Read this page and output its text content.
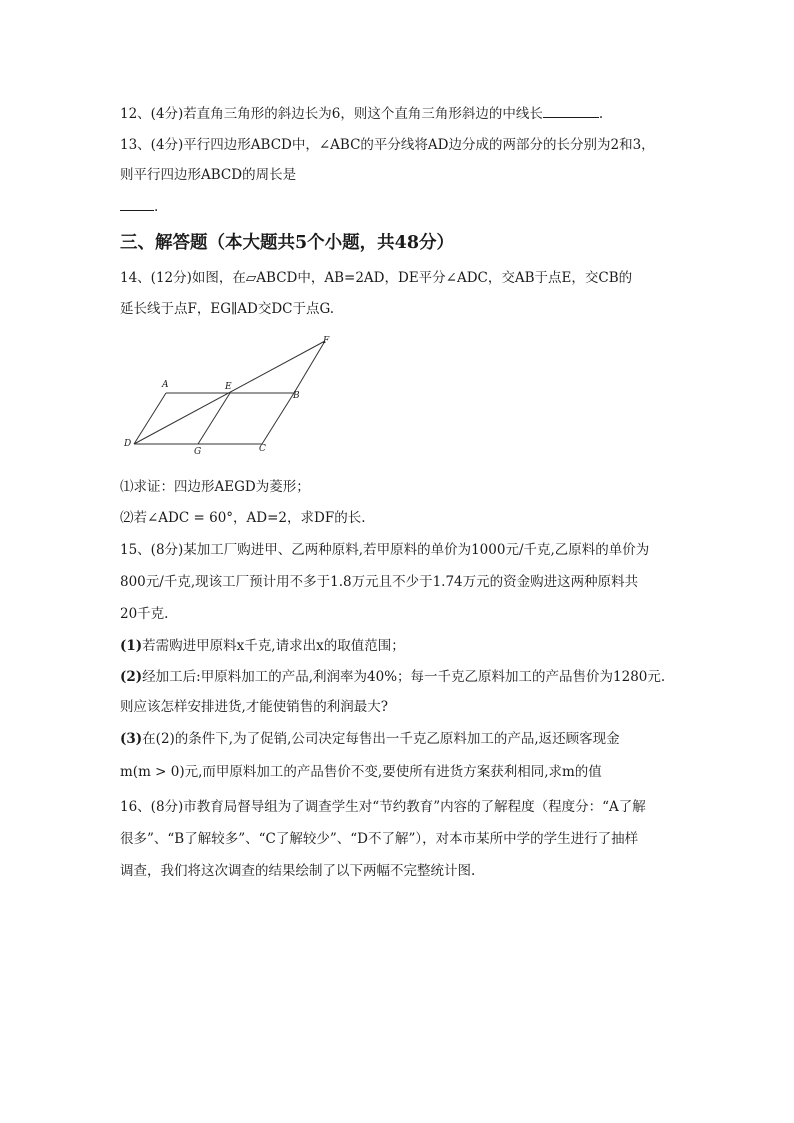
12、(4分)若直角三角形的斜边长为6，则这个直角三角形斜边的中线长	.
13、(4分)平行四边形ABCD中，∠ABC的平分线将AD边分成的两部分的长分别为2和3，
则平行四边形ABCD的周长是
.
三、解答题（本大题共5个小题，共48分）
14、(12分)如图，在▱ABCD中，AB=2AD，DE平分∠ADC，交AB于点E，交CB的
延长线于点F，EG∥AD交DC于点G.
A	E
B
F
D
G	C
⑴求证：四边形AEGD为菱形；
⑵若∠ADC = 60°，AD=2，求DF的长.
15、(8分)某加工厂购进甲、乙两种原料,若甲原料的单价为1000元/千克,乙原料的单价为
800元/千克,现该工厂预计用不多于1.8万元且不少于1.74万元的资金购进这两种原料共
20千克.
(1)若需购进甲原料x千克,请求出x的取值范围；
(2)经加工后:甲原料加工的产品,利润率为40%；每一千克乙原料加工的产品售价为1280元.
则应该怎样安排进货,才能使销售的利润最大?
(3)在(2)的条件下,为了促销,公司决定每售出一千克乙原料加工的产品,返还顾客现金
m(m > 0)元,而甲原料加工的产品售价不变,要使所有进货方案获利相同,求m的值
16、(8分)市教育局督导组为了调查学生对“节约教育”内容的了解程度（程度分：“A了解
很多”、“B了解较多”、“C了解较少”、“D不了解”），对本市某所中学的学生进行了抽样
调查，我们将这次调查的结果绘制了以下两幅不完整统计图.
